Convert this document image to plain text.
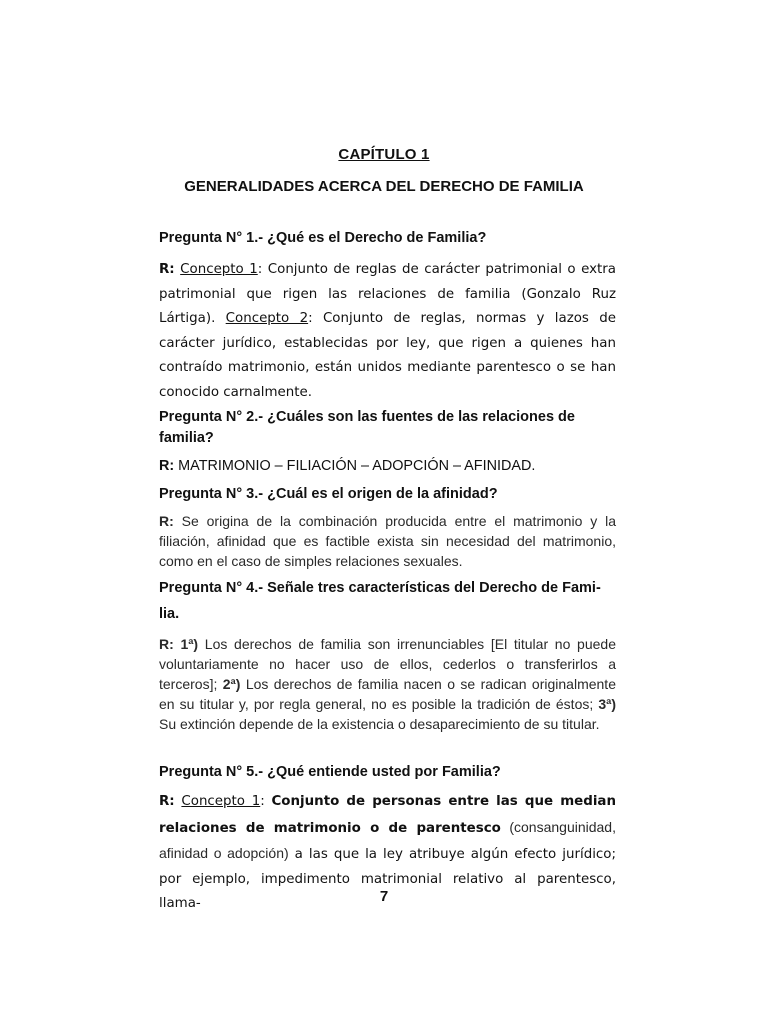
CAPÍTULO 1
GENERALIDADES ACERCA DEL DERECHO DE FAMILIA
Pregunta N° 1.- ¿Qué es el Derecho de Familia?
R: Concepto 1: Conjunto de reglas de carácter patrimonial o extra patrimonial que rigen las relaciones de familia (Gonzalo Ruz Lártiga). Concepto 2: Conjunto de reglas, normas y lazos de carácter jurídico, establecidas por ley, que rigen a quienes han contraído matrimonio, están unidos mediante parentesco o se han conocido carnalmente.
Pregunta N° 2.- ¿Cuáles son las fuentes de las relaciones de familia?
R: MATRIMONIO – FILIACIÓN – ADOPCIÓN – AFINIDAD.
Pregunta N° 3.- ¿Cuál es el origen de la afinidad?
R: Se origina de la combinación producida entre el matrimonio y la filiación, afinidad que es factible exista sin necesidad del matrimonio, como en el caso de simples relaciones sexuales.
Pregunta N° 4.- Señale tres características del Derecho de Fami-
lia.
R: 1ª) Los derechos de familia son irrenunciables [El titular no puede voluntariamente no hacer uso de ellos, cederlos o transferirlos a terceros]; 2ª) Los derechos de familia nacen o se radican originalmente en su titular y, por regla general, no es posible la tradición de éstos; 3ª) Su extinción depende de la existencia o desaparecimiento de su titular.
Pregunta N° 5.- ¿Qué entiende usted por Familia?
R: Concepto 1: Conjunto de personas entre las que median relaciones de matrimonio o de parentesco (consanguinidad, afinidad o adopción) a las que la ley atribuye algún efecto jurídico; por ejemplo, impedimento matrimonial relativo al parentesco, llama-	7
